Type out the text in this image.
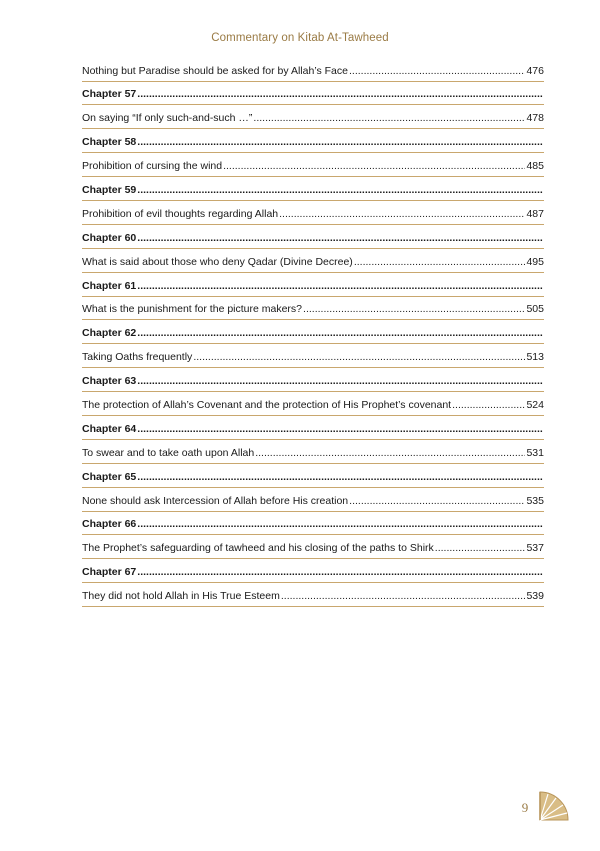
Commentary on Kitab At-Tawheed
Nothing but Paradise should be asked for by Allah’s Face .....	476
Chapter 57
.....
On saying “If only such-and-such …” .....	478
Chapter 58
.....
Prohibition of cursing the wind .....	485
Chapter 59
.....
Prohibition of evil thoughts regarding Allah .....	487
Chapter 60
.....
What is said about those who deny Qadar (Divine Decree) .....	495
Chapter 61
.....
What is the punishment for the picture makers? .....	505
Chapter 62
.....
Taking Oaths frequently .....	513
Chapter 63
.....
The protection of Allah’s Covenant and the protection of His Prophet’s covenant .....	524
Chapter 64
.....
To swear and to take oath upon Allah .....	531
Chapter 65
.....
None should ask Intercession of Allah before His creation .....	535
Chapter 66
.....
The Prophet’s safeguarding of tawheed and his closing of the paths to Shirk .....	537
Chapter 67
.....
They did not hold Allah in His True Esteem .....	539
9
